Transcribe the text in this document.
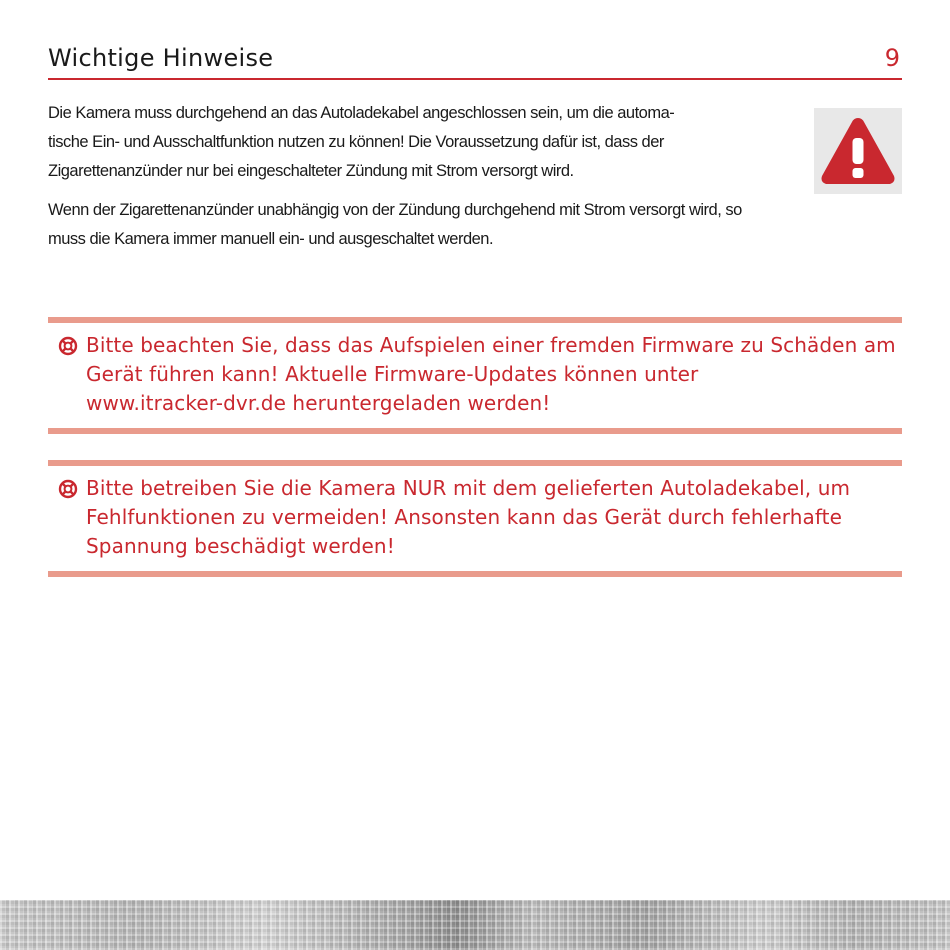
Wichtige Hinweise	9
Die Kamera muss durchgehend an das Autoladekabel angeschlossen sein, um die automa-
tische Ein- und Ausschaltfunktion nutzen zu können! Die Voraussetzung dafür ist, dass der
Zigarettenanzünder nur bei eingeschalteter Zündung mit Strom versorgt wird.
Wenn der Zigarettenanzünder unabhängig von der Zündung durchgehend mit Strom versorgt wird, so
muss die Kamera immer manuell ein- und ausgeschaltet werden.
Bitte beachten Sie, dass das Aufspielen einer fremden Firmware zu Schäden am
Gerät führen kann! Aktuelle Firmware-Updates können unter
www.itracker-dvr.de heruntergeladen werden!
Bitte betreiben Sie die Kamera NUR mit dem gelieferten Autoladekabel, um
Fehlfunktionen zu vermeiden! Ansonsten kann das Gerät durch fehlerhafte
Spannung beschädigt werden!
